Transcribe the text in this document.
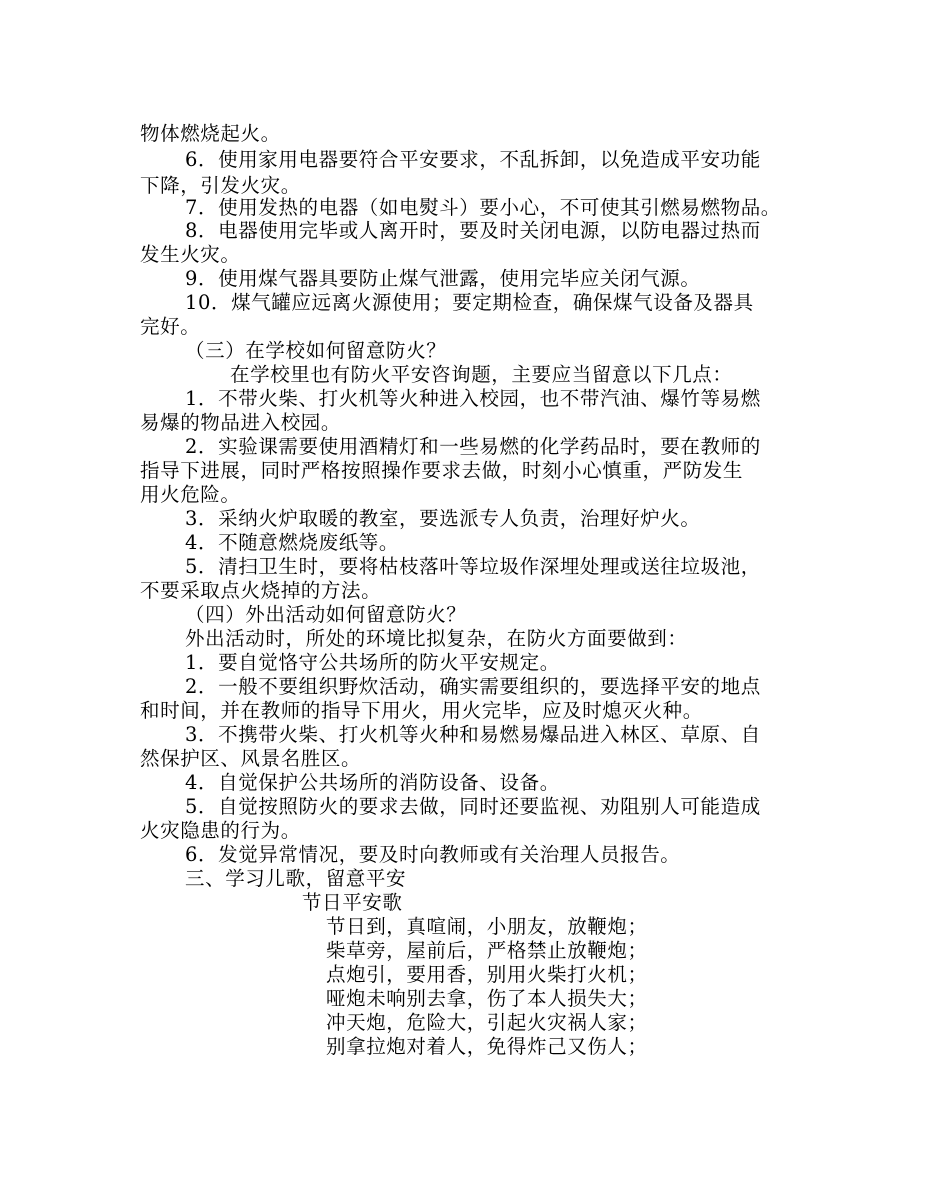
物体燃烧起火。
6．使用家用电器要符合平安要求，不乱拆卸，以免造成平安功能
下降，引发火灾。
7．使用发热的电器（如电熨斗）要小心，不可使其引燃易燃物品。
8．电器使用完毕或人离开时，要及时关闭电源，以防电器过热而
发生火灾。
9．使用煤气器具要防止煤气泄露，使用完毕应关闭气源。
10．煤气罐应远离火源使用；要定期检查，确保煤气设备及器具
完好。
（三）在学校如何留意防火？
在学校里也有防火平安咨询题，主要应当留意以下几点：
1．不带火柴、打火机等火种进入校园，也不带汽油、爆竹等易燃
易爆的物品进入校园。
2．实验课需要使用酒精灯和一些易燃的化学药品时，要在教师的
指导下进展，同时严格按照操作要求去做，时刻小心慎重，严防发生
用火危险。
3．采纳火炉取暖的教室，要选派专人负责，治理好炉火。
4．不随意燃烧废纸等。
5．清扫卫生时，要将枯枝落叶等垃圾作深埋处理或送往垃圾池，
不要采取点火烧掉的方法。
（四）外出活动如何留意防火？
外出活动时，所处的环境比拟复杂，在防火方面要做到：
1．要自觉恪守公共场所的防火平安规定。
2．一般不要组织野炊活动，确实需要组织的，要选择平安的地点
和时间，并在教师的指导下用火，用火完毕，应及时熄灭火种。
3．不携带火柴、打火机等火种和易燃易爆品进入林区、草原、自
然保护区、风景名胜区。
4．自觉保护公共场所的消防设备、设备。
5．自觉按照防火的要求去做，同时还要监视、劝阻别人可能造成
火灾隐患的行为。
6．发觉异常情况，要及时向教师或有关治理人员报告。
三、学习儿歌，留意平安
节日平安歌
节日到，真喧闹，小朋友，放鞭炮；
柴草旁，屋前后，严格禁止放鞭炮；
点炮引，要用香，别用火柴打火机；
哑炮未响别去拿，伤了本人损失大；
冲天炮，危险大，引起火灾祸人家；
别拿拉炮对着人，免得炸己又伤人；
